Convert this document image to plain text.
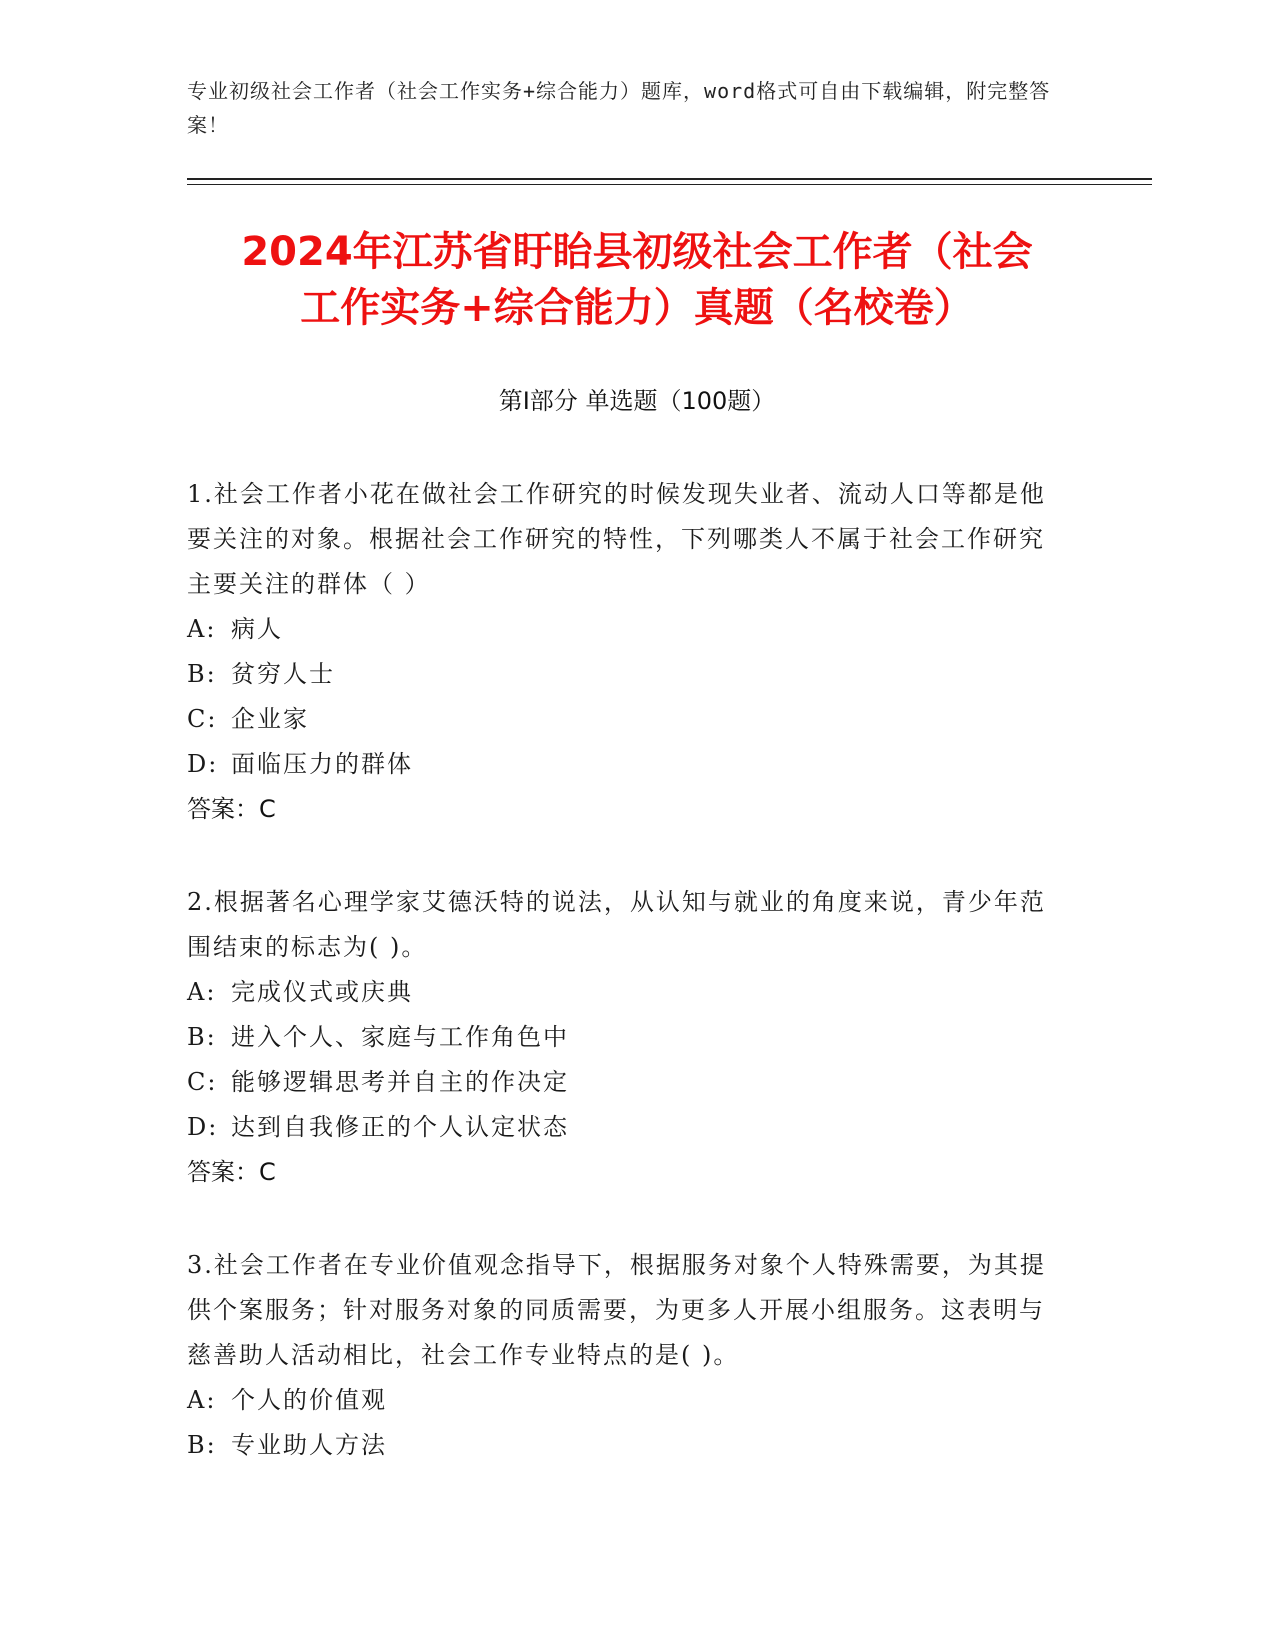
专业初级社会工作者（社会工作实务+综合能力）题库，word格式可自由下载编辑，附完整答案！
2024年江苏省盱眙县初级社会工作者（社会
工作实务+综合能力）真题（名校卷）
第Ⅰ部分 单选题（100题）
1.社会工作者小花在做社会工作研究的时候发现失业者、流动人口等都是他要关注的对象。根据社会工作研究的特性，下列哪类人不属于社会工作研究主要关注的群体（ ）
A: 病人
B: 贫穷人士
C: 企业家
D: 面临压力的群体
答案：C
2.根据著名心理学家艾德沃特的说法，从认知与就业的角度来说，青少年范围结束的标志为( )。
A: 完成仪式或庆典
B: 进入个人、家庭与工作角色中
C: 能够逻辑思考并自主的作决定
D: 达到自我修正的个人认定状态
答案：C
3.社会工作者在专业价值观念指导下，根据服务对象个人特殊需要，为其提供个案服务；针对服务对象的同质需要，为更多人开展小组服务。这表明与慈善助人活动相比，社会工作专业特点的是( )。
A: 个人的价值观
B: 专业助人方法
